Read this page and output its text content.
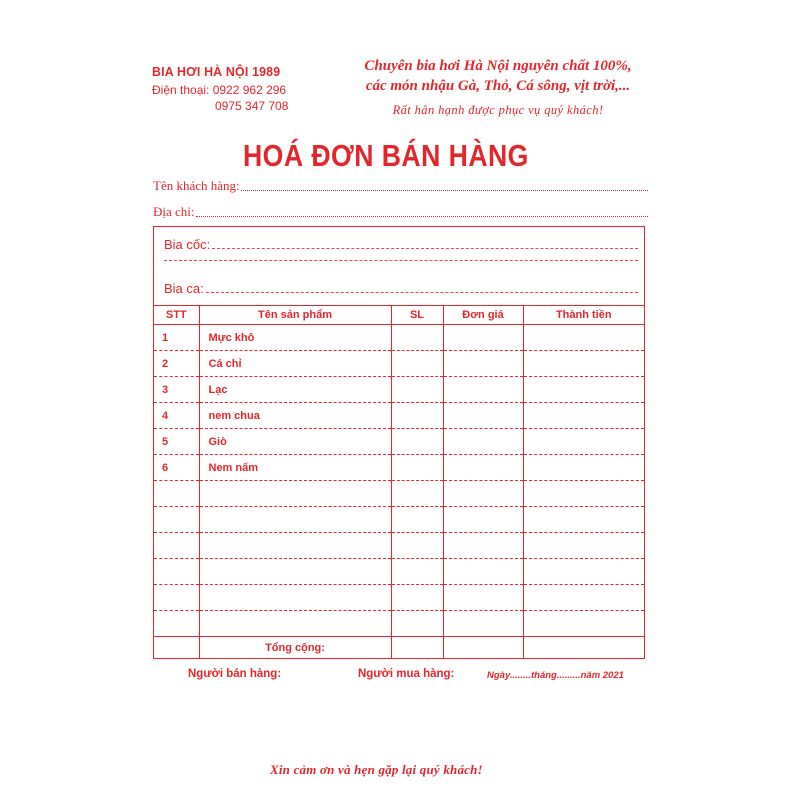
BIA HƠI HÀ NỘI 1989
Điện thoại: 0922 962 296
0975 347 708
Chuyên bia hơi Hà Nội nguyên chất 100%,
các món nhậu Gà, Thỏ, Cá sông, vịt trời,...
Rất hân hạnh được phục vụ quý khách!
HOÁ ĐƠN BÁN HÀNG
Tên khách hàng:
Địa chỉ:
Bia cốc:
Bia ca:
STT	Tên sản phẩm	SL	Đơn giá	Thành tiền
1	Mực khô			
2	Cá chỉ			
3	Lạc			
4	nem chua			
5	Giò			
6	Nem nấm			

	Tổng cộng:			
Người bán hàng:	Người mua hàng:	Ngày........tháng.........năm 2021
Xin cảm ơn và hẹn gặp lại quý khách!
